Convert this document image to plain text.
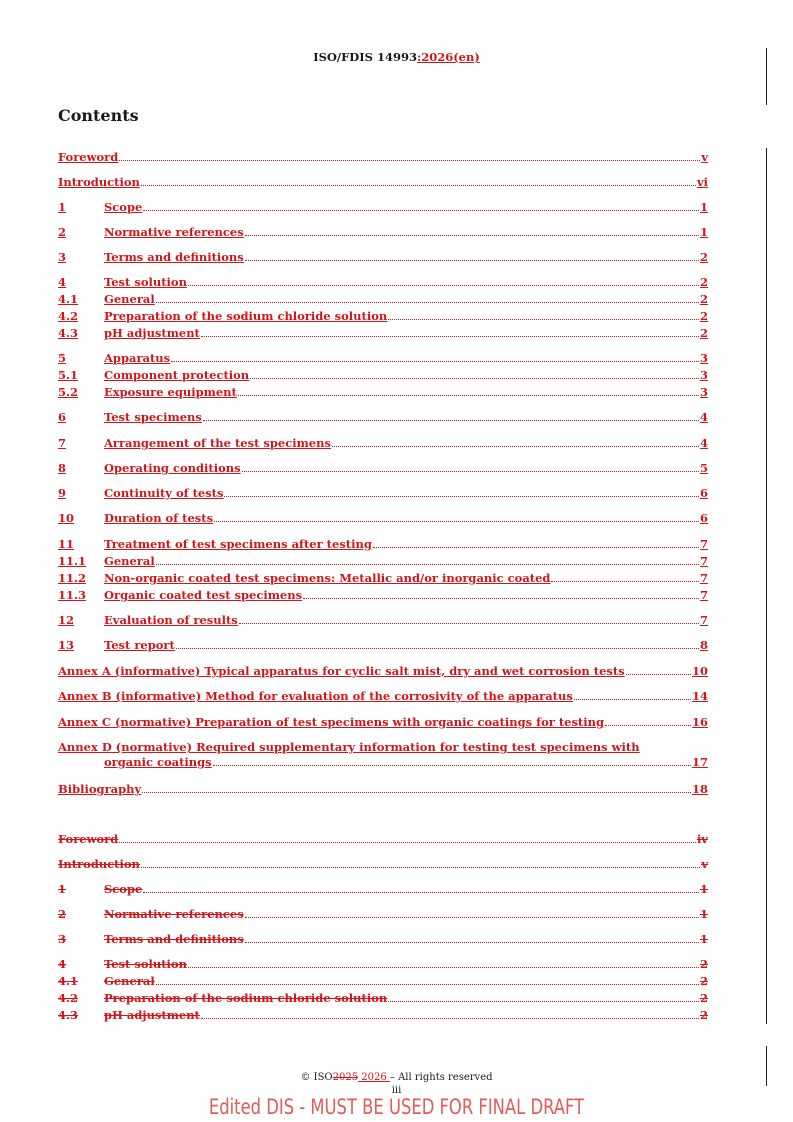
ISO/FDIS 14993:2026(en)
Contents
Foreword	v
Introduction	vi
1	Scope	1
2	Normative references	1
3	Terms and definitions	2
4	Test solution	2
4.1	General	2
4.2	Preparation of the sodium chloride solution	2
4.3	pH adjustment	2
5	Apparatus	3
5.1	Component protection	3
5.2	Exposure equipment	3
6	Test specimens	4
7	Arrangement of the test specimens	4
8	Operating conditions	5
9	Continuity of tests	6
10	Duration of tests	6
11	Treatment of test specimens after testing	7
11.1	General	7
11.2	Non-organic coated test specimens: Metallic and/or inorganic coated	7
11.3	Organic coated test specimens	7
12	Evaluation of results	7
13	Test report	8
Annex A (informative) Typical apparatus for cyclic salt mist, dry and wet corrosion tests	10
Annex B (informative) Method for evaluation of the corrosivity of the apparatus	14
Annex C (normative) Preparation of test specimens with organic coatings for testing	16
Annex D (normative) Required supplementary information for testing test specimens with
organic coatings	17
Bibliography	18
Foreword	iv
Introduction	v
1	Scope	1
2	Normative references	1
3	Terms and definitions	1
4	Test solution	2
4.1	General	2
4.2	Preparation of the sodium chloride solution	2
4.3	pH adjustment	2
© ISO2025 2026 – All rights reserved
iii
Edited DIS - MUST BE USED FOR FINAL DRAFT
